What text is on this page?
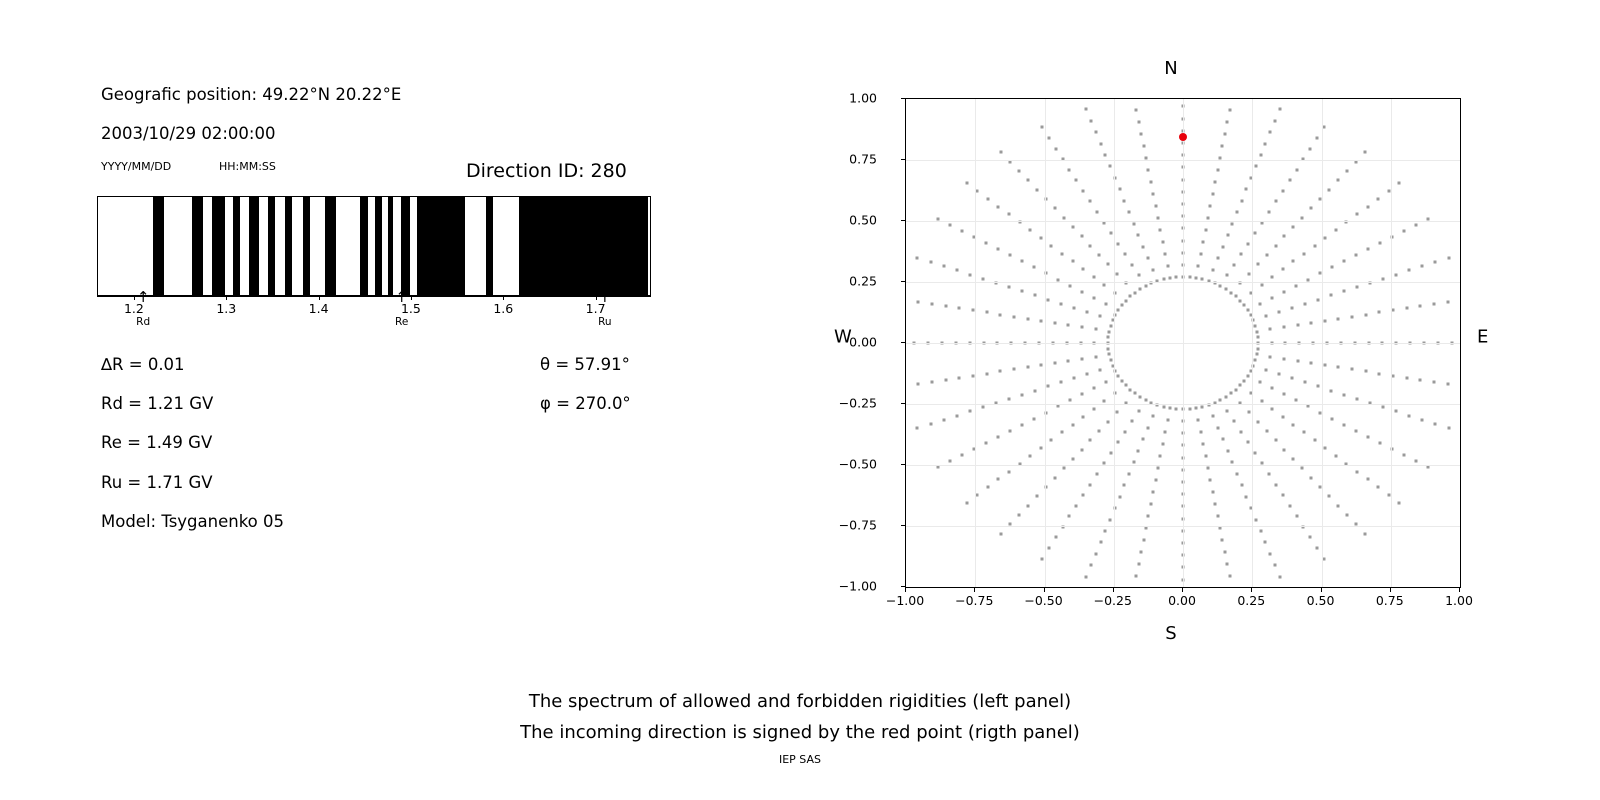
Geografic position: 49.22°N 20.22°E
2003/10/29 02:00:00
YYYY/MM/DD	HH:MM:SS	Direction ID: 280
1.2	1.3	1.4	1.5	1.6	1.7
↑
Rd
↑
Re
↑
Ru
∆R = 0.01
Rd = 1.21 GV
Re = 1.49 GV
Ru = 1.71 GV
Model: Tsyganenko 05
θ = 57.91°
φ = 270.0°
N
S
W	E
−1.00
−0.75
−0.50
−0.25
0.00
0.25
0.50
0.75
1.00
−1.00 −0.75 −0.50 −0.25	0.00	0.25	0.50	0.75	1.00
The spectrum of allowed and forbidden rigidities (left panel)
The incoming direction is signed by the red point (rigth panel)
IEP SAS
